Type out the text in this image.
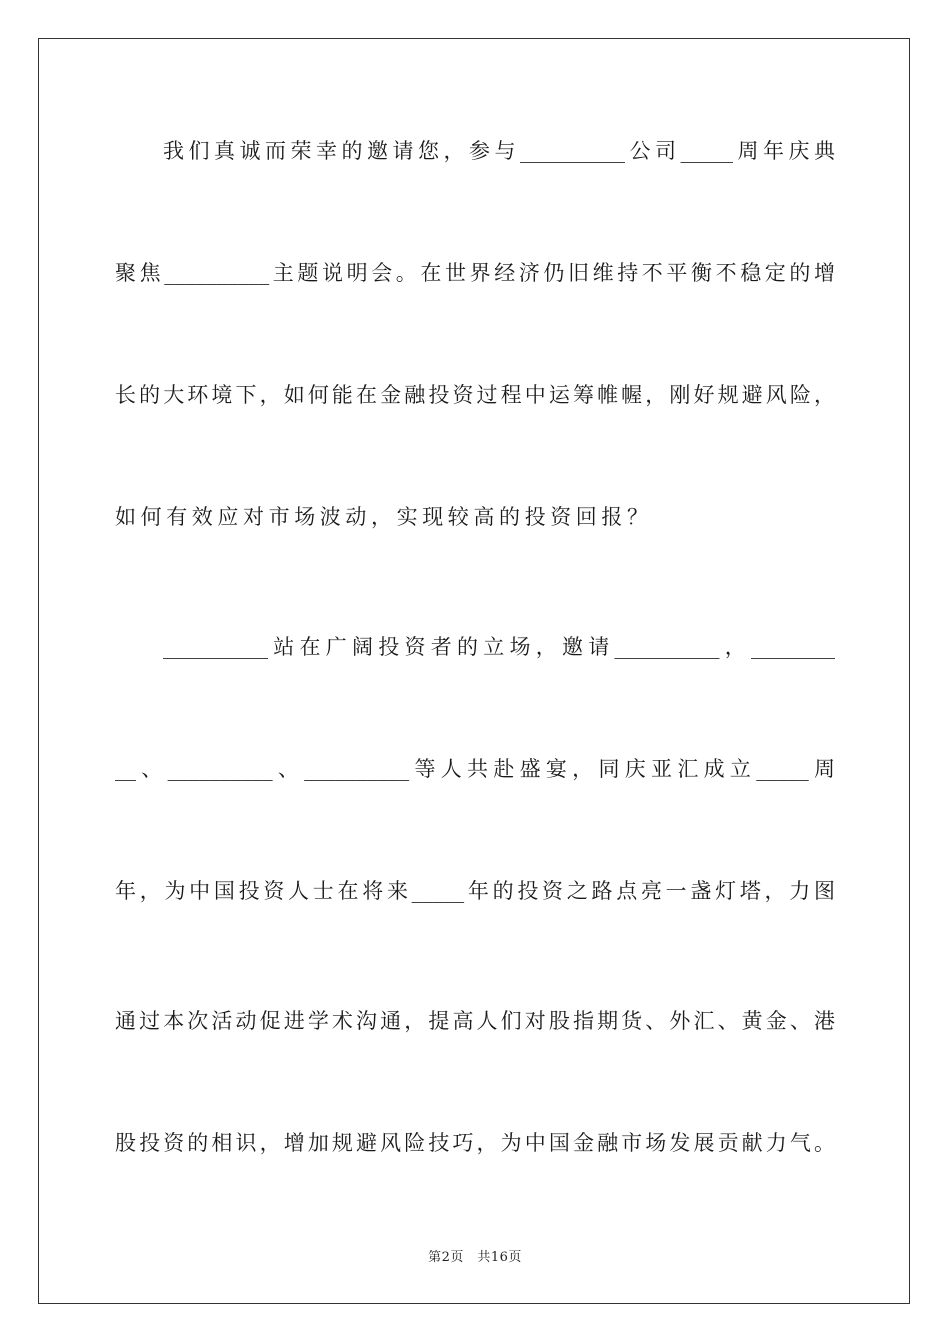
我们真诚而荣幸的邀请您，参与__________公司_____周年庆典

聚焦__________主题说明会。在世界经济仍旧维持不平衡不稳定的增

长的大环境下，如何能在金融投资过程中运筹帷幄，刚好规避风险，

如何有效应对市场波动，实现较高的投资回报？

__________站在广阔投资者的立场，邀请__________，________

__、__________、__________等人共赴盛宴，同庆亚汇成立_____周

年，为中国投资人士在将来_____年的投资之路点亮一盏灯塔，力图

通过本次活动促进学术沟通，提高人们对股指期货、外汇、黄金、港

股投资的相识，增加规避风险技巧，为中国金融市场发展贡献力气。

第2页　共16页
